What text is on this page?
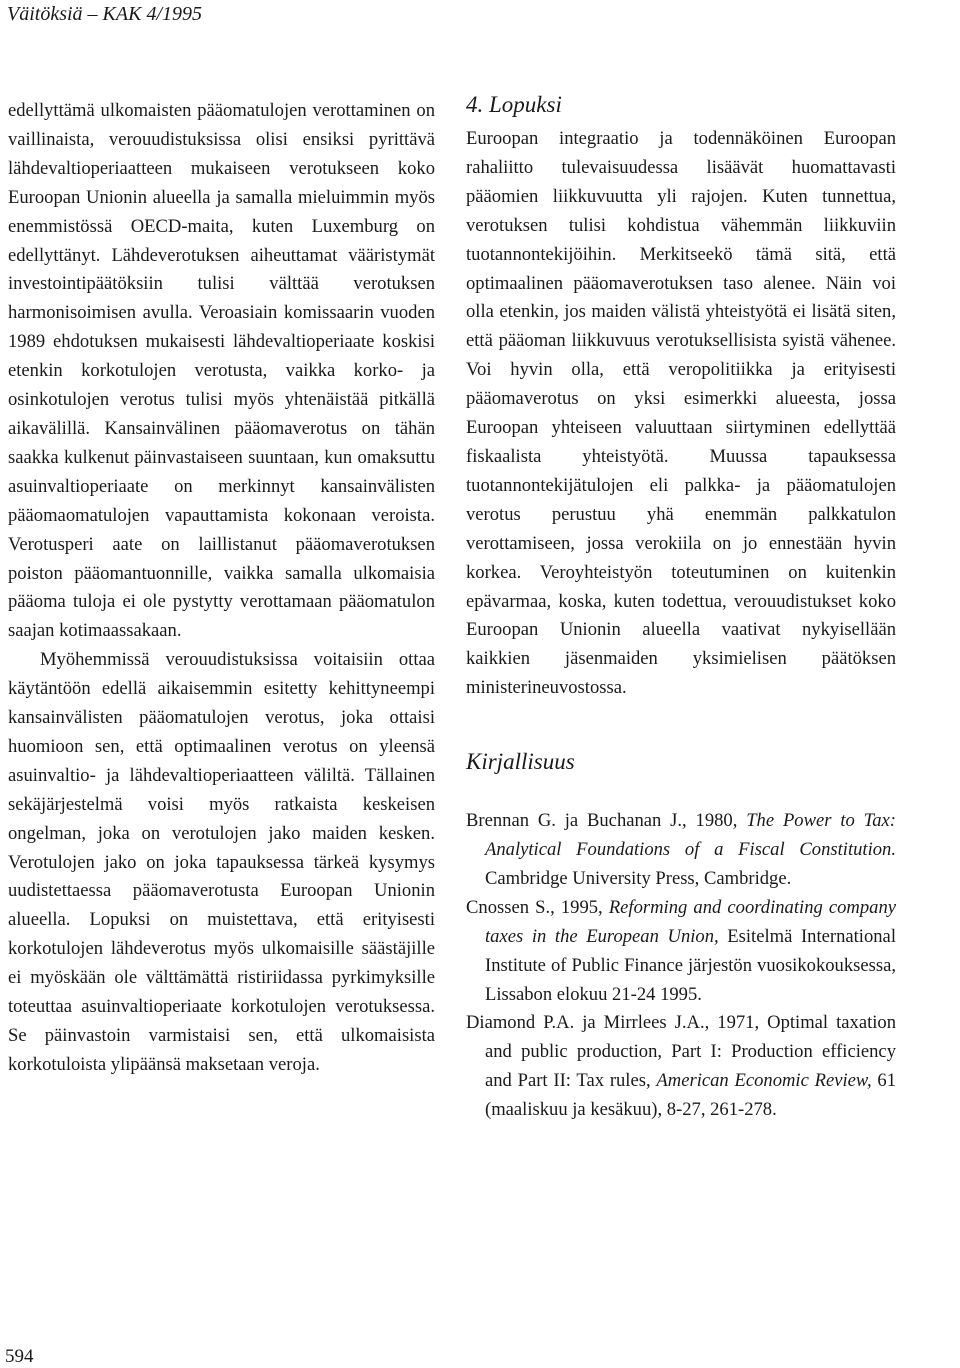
Väitöksiä – KAK 4/1995

edellyttämä ulkomaisten pääomatulojen verottaminen on vaillinaista, verouudistuksissa olisi ensiksi pyrittävä lähdevaltioperiaatteen mukaiseen verotukseen koko Euroopan Unionin alueella ja samalla mieluimmin myös enemmistössä OECD-maita, kuten Luxemburg on edellyttänyt. Lähdeverotuksen aiheuttamat vääristymät investointipäätöksiin tulisi välttää verotuksen harmonisoimisen avulla. Veroasiain komissaarin vuoden 1989 ehdotuksen mukaisesti lähdevaltioperiaate koskisi etenkin korkotulojen verotusta, vaikka korko- ja osinkotulojen verotus tulisi myös yhtenäistää pitkällä aikavälillä. Kansainvälinen pääomaverotus on tähän saakka kulkenut päinvastaiseen suuntaan, kun omaksuttu asuinvaltioperiaate on merkinnyt kansainvälisten pääomaomatulojen vapauttamista kokonaan veroista. Verotusperi aate on laillistanut pääomaverotuksen poiston pääomantuonnille, vaikka samalla ulkomaisia pääoma tuloja ei ole pystytty verottamaan pääomatulon saajan kotimaassakaan.

Myöhemmissä verouudistuksissa voitaisiin ottaa käytäntöön edellä aikaisemmin esitetty kehittyneempi kansainvälisten pääomatulojen verotus, joka ottaisi huomioon sen, että optimaalinen verotus on yleensä asuinvaltio- ja lähdevaltioperiaatteen väliltä. Tällainen sekäjärjestelmä voisi myös ratkaista keskeisen ongelman, joka on verotulojen jako maiden kesken. Verotulojen jako on joka tapauksessa tärkeä kysymys uudistettaessa pääomaverotusta Euroopan Unionin alueella. Lopuksi on muistettava, että erityisesti korkotulojen lähdeverotus myös ulkomaisille säästäjille ei myöskään ole välttämättä ristiriidassa pyrkimyksille toteuttaa asuinvaltioperiaate korkotulojen verotuksessa. Se päinvastoin varmistaisi sen, että ulkomaisista korkotuloista ylipäänsä maksetaan veroja.

4. Lopuksi

Euroopan integraatio ja todennäköinen Euroopan rahaliitto tulevaisuudessa lisäävät huomattavasti pääomien liikkuvuutta yli rajojen. Kuten tunnettua, verotuksen tulisi kohdistua vähemmän liikkuviin tuotannontekijöihin. Merkitseekö tämä sitä, että optimaalinen pääomaverotuksen taso alenee. Näin voi olla etenkin, jos maiden välistä yhteistyötä ei lisätä siten, että pääoman liikkuvuus verotuksellisista syistä vähenee. Voi hyvin olla, että veropolitiikka ja erityisesti pääomaverotus on yksi esimerkki alueesta, jossa Euroopan yhteiseen valuuttaan siirtyminen edellyttää fiskaalista yhteistyötä. Muussa tapauksessa tuotannontekijätulojen eli palkka- ja pääomatulojen verotus perustuu yhä enemmän palkkatulon verottamiseen, jossa verokiila on jo ennestään hyvin korkea. Veroyhteistyön toteutuminen on kuitenkin epävarmaa, koska, kuten todettua, verouudistukset koko Euroopan Unionin alueella vaativat nykyisellään kaikkien jäsenmaiden yksimielisen päätöksen ministerineuvostossa.

Kirjallisuus

Brennan G. ja Buchanan J., 1980, The Power to Tax: Analytical Foundations of a Fiscal Constitution. Cambridge University Press, Cambridge.

Cnossen S., 1995, Reforming and coordinating company taxes in the European Union, Esitelmä International Institute of Public Finance järjestön vuosikokouksessa, Lissabon elokuu 21-24 1995.

Diamond P.A. ja Mirrlees J.A., 1971, Optimal taxation and public production, Part I: Production efficiency and Part II: Tax rules, American Economic Review, 61 (maaliskuu ja kesäkuu), 8-27, 261-278.

594
